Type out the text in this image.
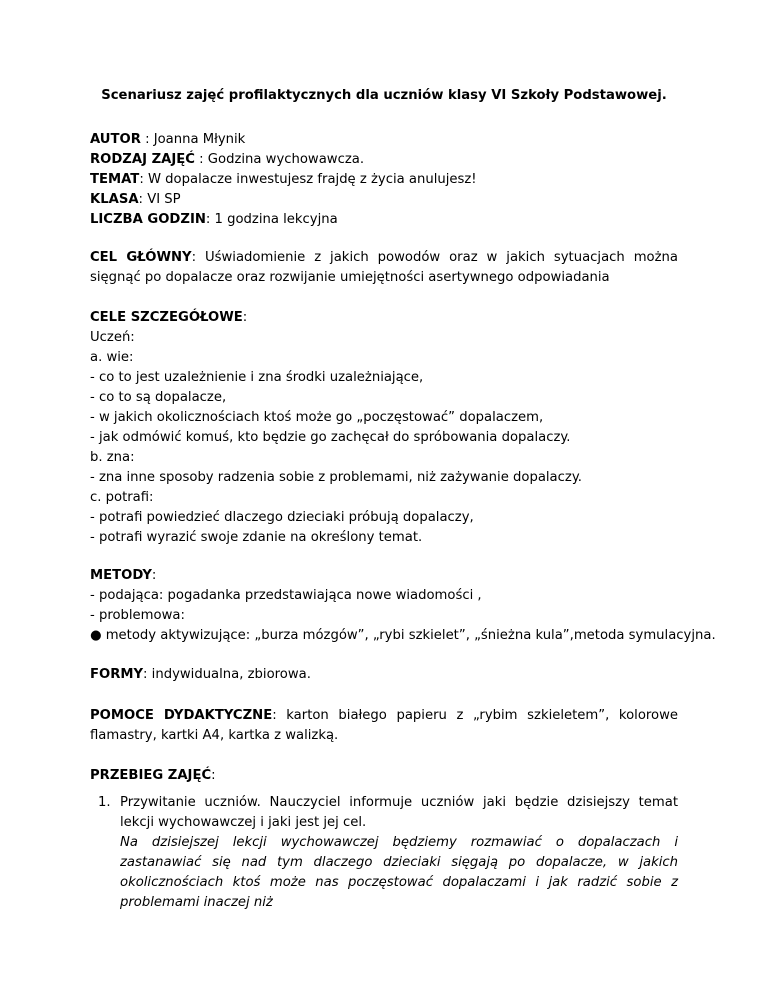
Scenariusz zajęć profilaktycznych dla uczniów klasy VI Szkoły Podstawowej.
AUTOR : Joanna Młynik
RODZAJ ZAJĘĆ : Godzina wychowawcza.
TEMAT: W dopalacze inwestujesz frajdę z życia anulujesz!
KLASA: VI SP
LICZBA GODZIN: 1 godzina lekcyjna
CEL GŁÓWNY: Uświadomienie z jakich powodów oraz w jakich sytuacjach można sięgnąć po dopalacze oraz rozwijanie umiejętności asertywnego odpowiadania
CELE SZCZEGÓŁOWE:
Uczeń:
a. wie:
- co to jest uzależnienie i zna środki uzależniające,
- co to są dopalacze,
- w jakich okolicznościach ktoś może go „poczęstować” dopalaczem,
- jak odmówić komuś, kto będzie go zachęcał do spróbowania dopalaczy.
b. zna:
- zna inne sposoby radzenia sobie z problemami, niż zażywanie dopalaczy.
c. potrafi:
- potrafi powiedzieć dlaczego dzieciaki próbują dopalaczy,
- potrafi wyrazić swoje zdanie na określony temat.
METODY:
- podająca: pogadanka przedstawiająca nowe wiadomości ,
- problemowa:
● metody aktywizujące: „burza mózgów”, „rybi szkielet”, „śnieżna kula”,metoda symulacyjna.
FORMY: indywidualna, zbiorowa.
POMOCE DYDAKTYCZNE: karton białego papieru z „rybim szkieletem”, kolorowe flamastry, kartki A4, kartka z walizką.
PRZEBIEG ZAJĘĆ:
1. Przywitanie uczniów. Nauczyciel informuje uczniów jaki będzie dzisiejszy temat lekcji wychowawczej i jaki jest jej cel.
Na dzisiejszej lekcji wychowawczej będziemy rozmawiać o dopalaczach i zastanawiać się nad tym dlaczego dzieciaki sięgają po dopalacze, w jakich okolicznościach ktoś może nas poczęstować dopalaczami i jak radzić sobie z problemami inaczej niż
